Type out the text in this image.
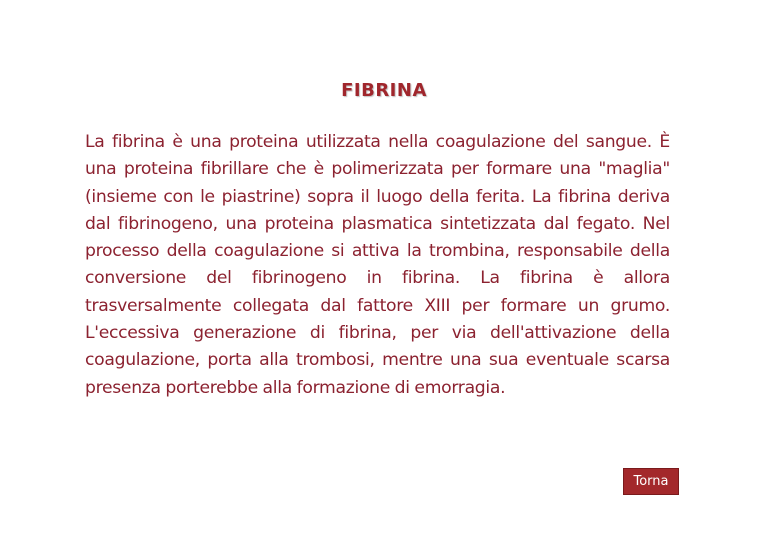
FIBRINA

La fibrina è una proteina utilizzata nella coagulazione del sangue. È una proteina fibrillare che è polimerizzata per formare una "maglia" (insieme con le piastrine) sopra il luogo della ferita. La fibrina deriva dal fibrinogeno, una proteina plasmatica sintetizzata dal fegato. Nel processo della coagulazione si attiva la trombina, responsabile della conversione del fibrinogeno in fibrina. La fibrina è allora trasversalmente collegata dal fattore XIII per formare un grumo. L'eccessiva generazione di fibrina, per via dell'attivazione della coagulazione, porta alla trombosi, mentre una sua eventuale scarsa presenza porterebbe alla formazione di emorragia.

Torna
